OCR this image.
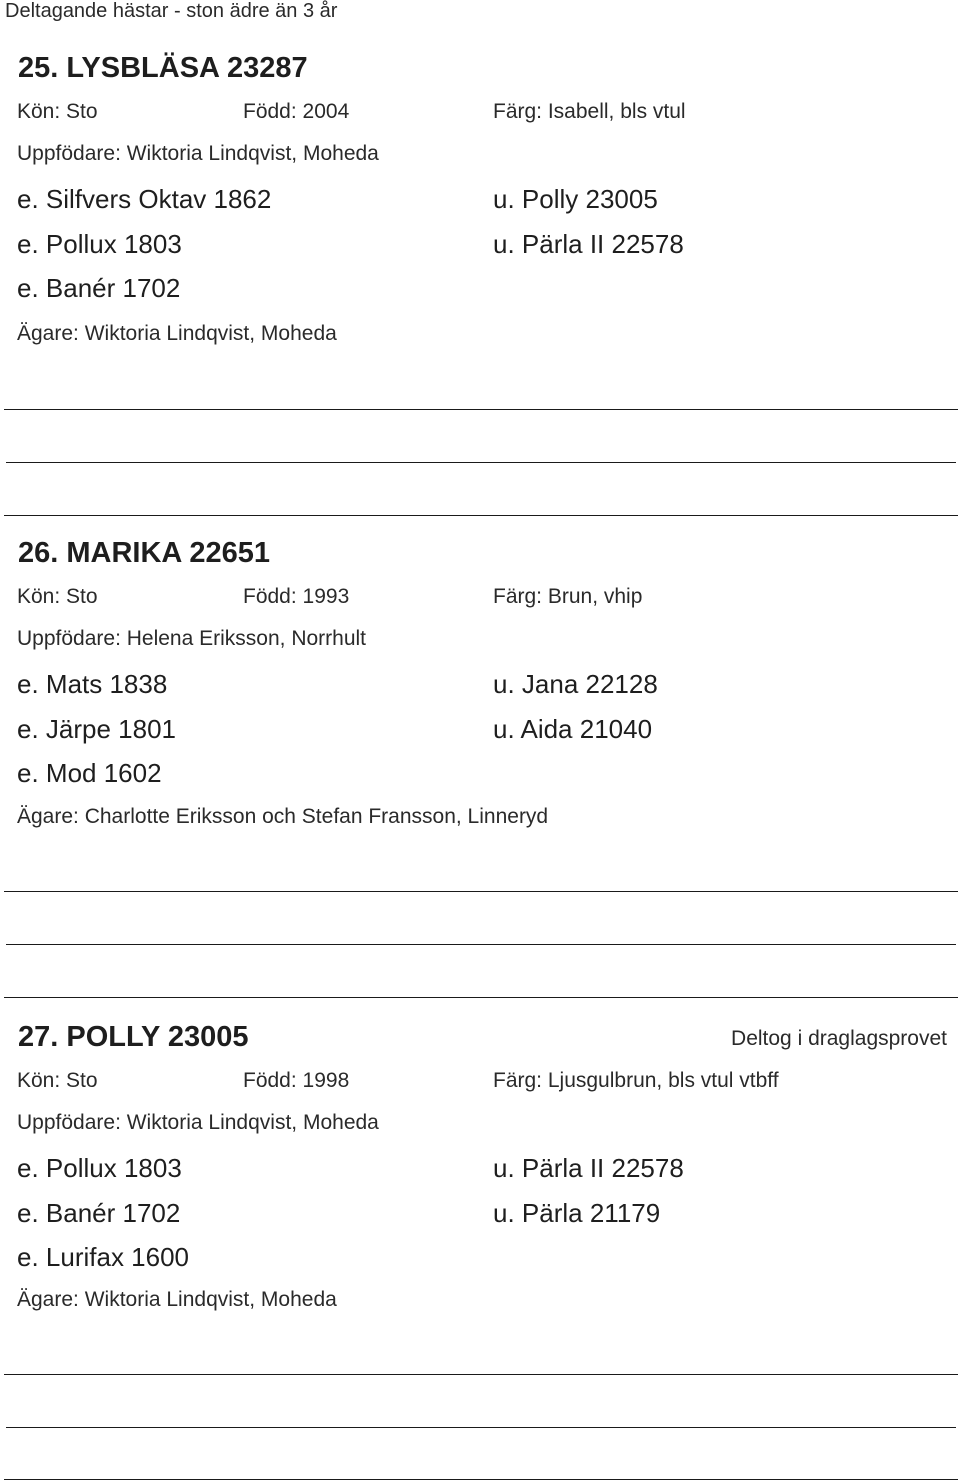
Deltagande hästar - ston ädre än 3 år
25. LYSBLÄSA 23287
Kön: Sto	Född: 2004	Färg: Isabell, bls vtul
Uppfödare: Wiktoria Lindqvist, Moheda
e. Silfvers Oktav 1862	u. Polly 23005
e. Pollux 1803	u. Pärla II 22578
e. Banér 1702
Ägare: Wiktoria Lindqvist, Moheda
26. MARIKA 22651
Kön: Sto	Född: 1993	Färg: Brun, vhip
Uppfödare: Helena Eriksson, Norrhult
e. Mats 1838	u. Jana 22128
e. Järpe 1801	u. Aida 21040
e. Mod 1602
Ägare: Charlotte Eriksson och Stefan Fransson, Linneryd
27. POLLY 23005	Deltog i draglagsprovet
Kön: Sto	Född: 1998	Färg: Ljusgulbrun, bls vtul vtbff
Uppfödare: Wiktoria Lindqvist, Moheda
e. Pollux 1803	u. Pärla II 22578
e. Banér 1702	u. Pärla 21179
e. Lurifax 1600
Ägare: Wiktoria Lindqvist, Moheda
